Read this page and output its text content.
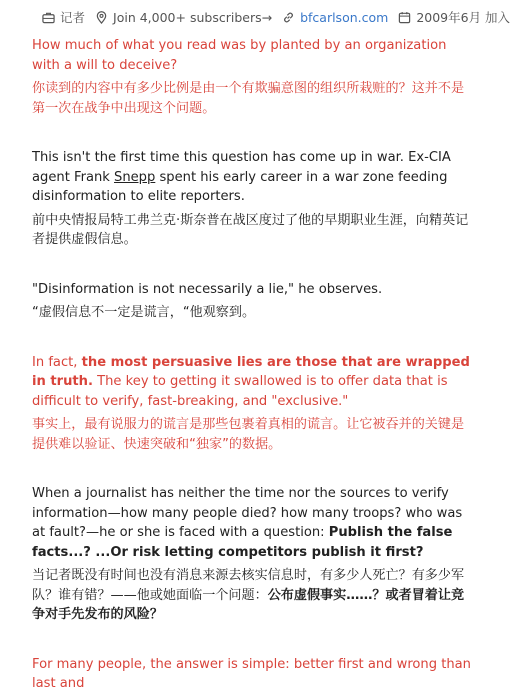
记者 Join 4,000+ subscribers→ bfcarlson.com 2009年6月 加入

How much of what you read was by planted by an organization with a will to deceive?

你读到的内容中有多少比例是由一个有欺骗意图的组织所栽赃的？这并不是第一次在战争中出现这个问题。

This isn't the first time this question has come up in war. Ex-CIA agent Frank Snepp spent his early career in a war zone feeding disinformation to elite reporters.

前中央情报局特工弗兰克·斯奈普在战区度过了他的早期职业生涯，向精英记者提供虚假信息。

"Disinformation is not necessarily a lie," he observes.

“虚假信息不一定是谎言，“他观察到。

In fact, the most persuasive lies are those that are wrapped in truth. The key to getting it swallowed is to offer data that is difficult to verify, fast-breaking, and "exclusive."

事实上，最有说服力的谎言是那些包裹着真相的谎言。让它被吞并的关键是提供难以验证、快速突破和“独家”的数据。

When a journalist has neither the time nor the sources to verify information—how many people died? how many troops? who was at fault?—he or she is faced with a question: Publish the false facts...? ...Or risk letting competitors publish it first?

当记者既没有时间也没有消息来源去核实信息时，有多少人死亡？有多少军队？谁有错？——他或她面临一个问题：公布虚假事实……？或者冒着让竞争对手先发布的风险？

For many people, the answer is simple: better first and wrong than last and
